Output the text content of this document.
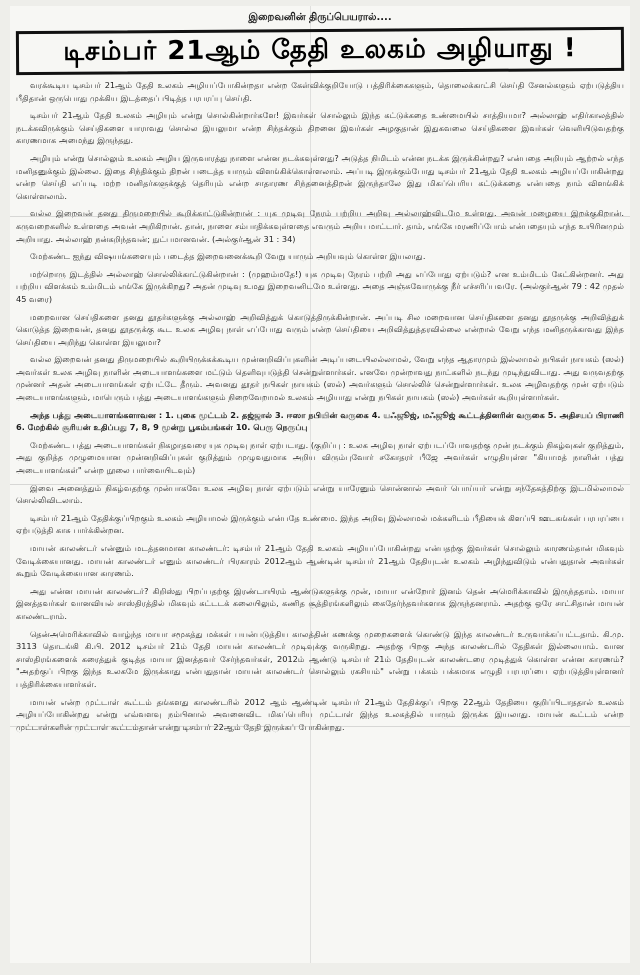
இறைவனின் திருப்பெயரால்....
டிசம்பர் 21ஆம் தேதி உலகம் அழியாது !

வரக்கூடிய டிசம்பர் 21ஆம் தேதி உலகம் அழியப்போகின்றதா என்ற கேள்விக்குறியோடு பத்திரிக்கைகளும், தொலைக்காட்சி செய்தி சேனல்களும் ஏற்படுத்திய பீதிதான் ஒருபொது முக்கிய இடத்தைப் பிடித்த பரபரப்பு செய்தி.

டிசம்பர் 21ஆம் தேதி உலகம் அழியும் என்று சொல்கின்றார்களே! இவர்கள் சொல்லும் இந்த கட்டுக்கதை உண்மையில் சாத்தியமா? அல்லாஹ் எதிர்காலத்தில் நடக்கவிருக்கும் செய்திகளை யாராவது சொல்ல இயலுமா என்ற சிந்தக்கும் திறனை இவர்கள் அழகுதான் இதுகவலை செய்திகளை இவர்கள் வெளியிடுவதற்கு காரணமாக அமைந்து இருந்தது.

அழியும் என்று சொல்லும் உலகம் அழிய இருவாரத்து நாளை என்ன நடக்கவுள்ளது? அடுத்த நிமிடம் என்ன நடக்க இருக்கின்றது? என்பதை அறியும் ஆற்றல் எந்த மனிதனுக்கும் இல்லை. இதை சிந்திக்கும் திறன் படைத்த யாரும் விளங்கிக்கொள்ளலாம். அப்படி இருக்கும்போது டிசம்பர் 21ஆம் தேதி உலகம் அழியப்போகின்றது என்ற செய்தி எப்படி மற்ற மனிதர்களுக்குத் தெரியும் என்ற சாதாரண சிந்தனைத்திறன் இருந்தாலே இது மிகப்பெரிய கட்டுக்கதை என்பதை நாம் விளங்கிக் கொள்ளலாம்.

வல்ல இறைவன் தனது திருமறையில் கூறிக்காட்டுகின்றான் : யுக முடிவு நேரம் பற்றிய அறிவு அல்லாஹ்விடமே உள்ளது. அவன் மழையை இறக்குகிறான். கருவறைகளில் உள்ளதை அவன் அறிகிறான். தான், நாளை சம்பாதிக்கவுள்ளதை எவரும் அறிய மாட்டார். தாம், எங்கே மரணிப்போம் என்பதையும் எந்த உயிரினமும் அறியாது. அல்லாஹ் நன்கறிந்தவன்; நுட்பமானவன். (அல்குர்ஆன் 31 : 34)

மேற்கண்ட ஐந்து விஷயங்களையும் படைத்த இறைவனைக்கூறி வேறு யாரும் அறியவும் கொள்ள இயலாது.

மற்றொரு இடத்தில் அல்லாஹ் சொல்லிக்காட்டுகின்றான் : (முஹம்மதே!) யுக முடிவு நேரம் பற்றி அது எப்போது ஏற்படும்? என உம்மிடம் கேட்கின்றனர். அது பற்றிய விளக்கம் உம்மிடம் எங்கே இருக்கிறது? அதன் முடிவு உமது இறைவனிடமே உள்ளது. அதை அஞ்சுவோருக்கு நீர் எச்சரிப்பவரே. (அல்குர்ஆன் 79 : 42 முதல் 45 வரை)

மறைவான செய்திகளை தனது தூதர்களுக்கு அல்லாஹ் அறிவித்துக் கொடுத்திருக்கின்றான். அப்படி சில மறைவான செய்திகளை தனது தூதருக்கு அறிவித்துக் கொடுத்த இறைவன், தனது தூதருக்கு கூட உலக அழிவு நாள் எப்போது வரும் என்ற செய்தியை அறிவித்துத்தரவில்லை என்றால் வேறு எந்த மனிதருக்காவது இந்த செய்தியை அறிந்து கொள்ள இயலுமா?

வல்ல இறைவன் தனது திருமறையில் கூறியிருக்கக்கூடிய முன்னறிவிப்புகளின் அடிப்படையிலல்லாமல், வேறு எந்த ஆதாரமும் இல்லாமல் நபிகள் நாயகம் (ஸல்) அவர்கள் உலக அழிவு நாளின் அடையாளங்களை மட்டும் தெளிவுபடுத்தி சென்றுள்ளார்கள். எனவே முன்றாவது நாட்களில் நடந்து முடிந்துவிடாது. அது வருவதற்கு முன்னர் அதன் அடையாளங்கள் ஏற்பட்டே தீரும். அவனது தூதர் நபிகள் நாயகம் (ஸல்) அவர்களும் சொல்லிச் சென்றுள்ளார்கள். உலக அழிவதற்கு முன் ஏற்படும் அடையாளங்களும், மாபெரும் பத்து அடையாளங்களும் நிறைவேறாமல் உலகம் அழியாது என்று நபிகள் நாயகம் (ஸல்) அவர்கள் கூறியுள்ளார்கள்.

அந்த பத்து அடையாளங்களாவன : 1. புகை மூட்டம் 2. தஜ்ஜால் 3. ஈஸா நபியின் வருகை 4. யஃஜூஜ், மஃஜூஜ் கூட்டத்தினரின் வருகை 5. அதிசயப் பிராணி 6. மேற்கில் சூரியன் உதிப்பது 7, 8, 9 மூன்று பூகம்பங்கள் 10. பெரு நெருப்பு

மேற்கண்ட பத்து அடையாளங்கள் நிகழாதவரை யுக முடிவு நாள் ஏற்படாது. (குறிப்பு : உலக அழிவு நாள் ஏற்படப்போவதற்கு முன் நடக்கும் நிகழ்வுகள் குறித்தும், அது குறித்த முழுமையான முன்னறிவிப்புகள் குறித்தும் முழுவதுமாக அறிய விரும்புவோர் சகோதரர் பீஜே அவர்கள் எழுதியுள்ள "கியாமத் நாளின் பத்து அடையாளங்கள்" என்ற நூலை பார்வையிடவும்)

இவை அனைத்தும் நிகழ்வதற்கு முன்பாகவே உலக அழிவு நாள் ஏற்படும் என்று யாரேனும் சொன்னால் அவர் பொய்யர் என்று சந்தேகத்திற்கு இடமில்லாமல் சொல்லிவிடலாம்.

டிசம்பர் 21ஆம் தேதிக்குப்பிறகும் உலகம் அழியாமல் இருக்கும் என்பதே உண்மை. இந்த அறிவு இல்லாமல் மக்களிடம் பீதியைக் கிளப்பி ஊடகங்கள் பரபரப்பை ஏற்படுத்தி காசு பார்க்கின்றன.

மாயன் காலண்டர் என்னும் மடத்தனமான காலண்டர்: டிசம்பர் 21ஆம் தேதி உலகம் அழியப்போகின்றது என்பதற்கு இவர்கள் சொல்லும் காரணம்தான் மிகவும் வேடிக்கையானது. மாயன் காலண்டர் எனும் காலண்டர் பிரகாரம் 2012ஆம் ஆண்டின் டிசம்பர் 21ஆம் தேதியுடன் உலகம் அழிந்துவிடும் என்பதுதான் அவர்கள் கூறும் வேடிக்கையான காரணம்.

அது என்ன மாயன் காலண்டர்? கிறிஸ்து பிறப்பதற்கு இரண்டாயிரம் ஆண்டுகளுக்கு முன், மாயா என்றோர் இனம் தென் அமெரிக்காவில் இருந்ததாம். மாயா இனத்தவர்கள் வானவியல் சாஸ்திரத்தில் மிகவும் கட்டடக் கலையிலும், கணித சூத்திரங்களிலும் கைதேர்ந்தவர்களாக இருந்தனராம். அதற்கு ஒரே சாட்சிதான் மாயன் காலண்டராம்.

தென்அமெரிக்காவில் வாழ்ந்த மாயா சமூகத்து மக்கள் பயன்படுத்திய காலத்தின் கணக்கு முறைகளைக் கொண்டு இந்த காலண்டர் உருவாக்கப்பட்டதாம். கி.மு. 3113 தொடங்கி கி.பி. 2012 டிசம்பர் 21ம் தேதி மாயன் காலண்டர் முடிவுக்கு வருகிறது. அதற்கு பிறகு அந்த காலண்டரில் தேதிகள் இல்லையாம். வான சாஸ்திரங்களைக் கரைத்துக் குடித்த மாயா இனத்தவர் சேர்ந்தவர்கள், 2012ம் ஆண்டு டிசம்பர் 21ம் தேதியுடன் காலண்டரை முடித்துக் கொள்ள என்ன காரணம்? "அதற்குப் பிறகு இந்த உலகமே இருக்காது என்பதுதான் மாயன் காலண்டர் சொல்லும் ரகசியம்" என்று பக்கம் பக்கமாக எழுதி பரபரப்பை ஏற்படுத்தியுள்ளனர் பத்திரிக்கையாளர்கள்.

மாயன் என்ற முட்டாள் கூட்டம் தங்களது காலண்டரில் 2012 ஆம் ஆண்டின் டிசம்பர் 21ஆம் தேதிக்குப் பிறகு 22ஆம் தேதியை குறிப்பிடாததால் உலகம் அழியப்போகின்றது என்று எவ்வளவு நம்பினால் அவனைவிட மிகப்பெரிய முட்டாள் இந்த உலகத்தில் யாரும் இருக்க இயலாது. மாயன் கூட்டம் என்ற முட்டாள்களின் முட்டாள் கூட்டம்தான் என்று டிசம்பர் 22ஆம் தேதி இருக்கப் போகின்றது.
